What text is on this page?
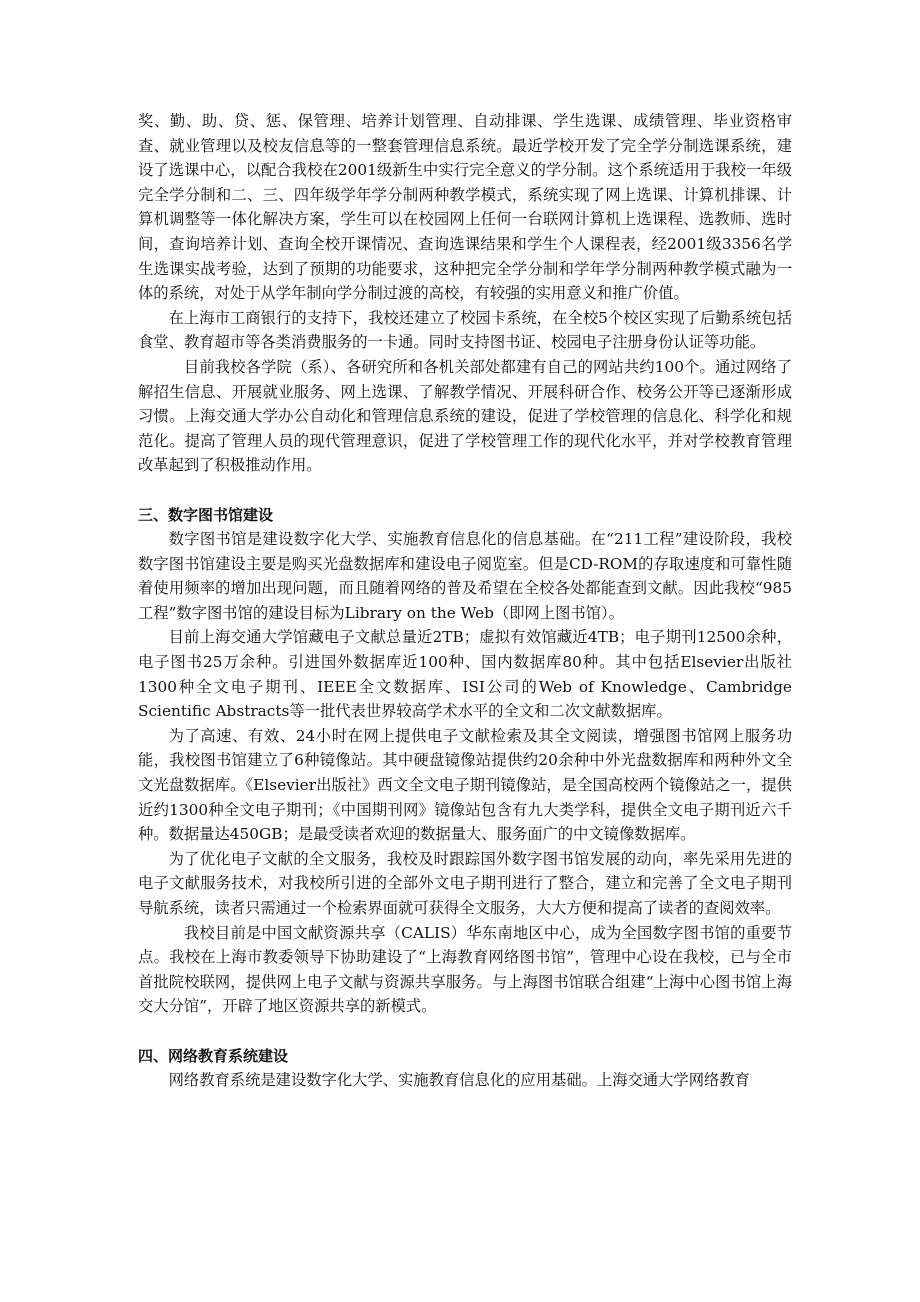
奖、勤、助、贷、惩、保管理、培养计划管理、自动排课、学生选课、成绩管理、毕业资格审查、就业管理以及校友信息等的一整套管理信息系统。最近学校开发了完全学分制选课系统，建设了选课中心，以配合我校在2001级新生中实行完全意义的学分制。这个系统适用于我校一年级完全学分制和二、三、四年级学年学分制两种教学模式，系统实现了网上选课、计算机排课、计算机调整等一体化解决方案，学生可以在校园网上任何一台联网计算机上选课程、选教师、选时间，查询培养计划、查询全校开课情况、查询选课结果和学生个人课程表，经2001级3356名学生选课实战考验，达到了预期的功能要求，这种把完全学分制和学年学分制两种教学模式融为一体的系统，对处于从学年制向学分制过渡的高校，有较强的实用意义和推广价值。

在上海市工商银行的支持下，我校还建立了校园卡系统，在全校5个校区实现了后勤系统包括食堂、教育超市等各类消费服务的一卡通。同时支持图书证、校园电子注册身份认证等功能。

目前我校各学院（系）、各研究所和各机关部处都建有自己的网站共约100个。通过网络了解招生信息、开展就业服务、网上选课、了解教学情况、开展科研合作、校务公开等已逐渐形成习惯。上海交通大学办公自动化和管理信息系统的建设，促进了学校管理的信息化、科学化和规范化。提高了管理人员的现代管理意识，促进了学校管理工作的现代化水平，并对学校教育管理改革起到了积极推动作用。

三、数字图书馆建设

数字图书馆是建设数字化大学、实施教育信息化的信息基础。在“211工程”建设阶段，我校数字图书馆建设主要是购买光盘数据库和建设电子阅览室。但是CD-ROM的存取速度和可靠性随着使用频率的增加出现问题，而且随着网络的普及希望在全校各处都能查到文献。因此我校“985工程”数字图书馆的建设目标为Library on the Web（即网上图书馆）。

目前上海交通大学馆藏电子文献总量近2TB；虚拟有效馆藏近4TB；电子期刊12500余种，电子图书25万余种。引进国外数据库近100种、国内数据库80种。其中包括Elsevier出版社1300种全文电子期刊、IEEE全文数据库、ISI公司的Web of Knowledge、Cambridge Scientific Abstracts等一批代表世界较高学术水平的全文和二次文献数据库。

为了高速、有效、24小时在网上提供电子文献检索及其全文阅读，增强图书馆网上服务功能，我校图书馆建立了6种镜像站。其中硬盘镜像站提供约20余种中外光盘数据库和两种外文全文光盘数据库。《Elsevier出版社》西文全文电子期刊镜像站，是全国高校两个镜像站之一，提供近约1300种全文电子期刊；《中国期刊网》镜像站包含有九大类学科，提供全文电子期刊近六千种。数据量达450GB；是最受读者欢迎的数据量大、服务面广的中文镜像数据库。

为了优化电子文献的全文服务，我校及时跟踪国外数字图书馆发展的动向，率先采用先进的电子文献服务技术，对我校所引进的全部外文电子期刊进行了整合，建立和完善了全文电子期刊导航系统，读者只需通过一个检索界面就可获得全文服务，大大方便和提高了读者的查阅效率。

我校目前是中国文献资源共享（CALIS）华东南地区中心，成为全国数字图书馆的重要节点。我校在上海市教委领导下协助建设了“上海教育网络图书馆”，管理中心设在我校，已与全市首批院校联网，提供网上电子文献与资源共享服务。与上海图书馆联合组建“上海中心图书馆上海交大分馆”，开辟了地区资源共享的新模式。

四、网络教育系统建设

网络教育系统是建设数字化大学、实施教育信息化的应用基础。上海交通大学网络教育
